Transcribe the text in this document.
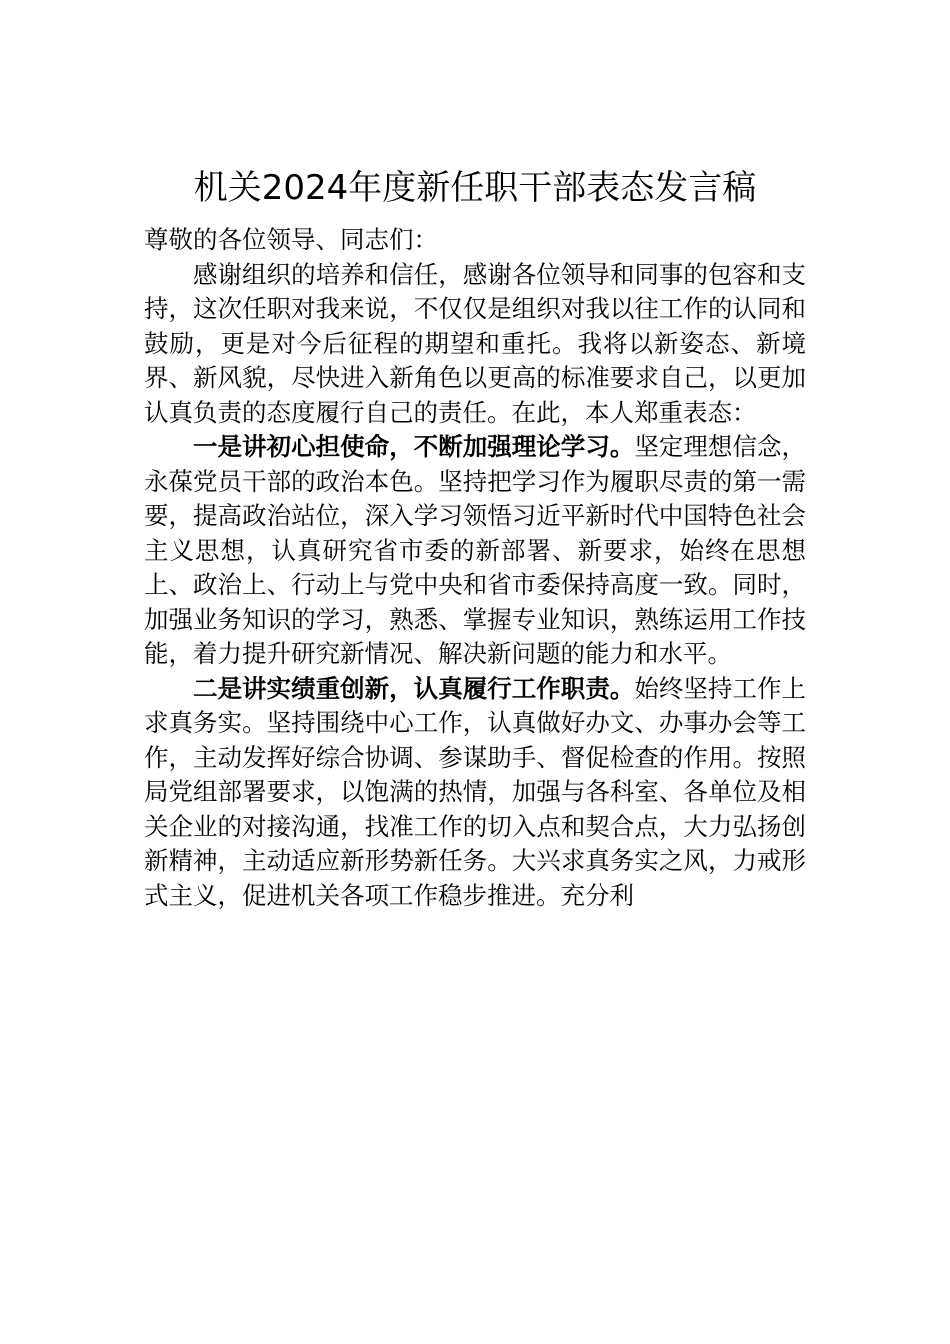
机关2024年度新任职干部表态发言稿

尊敬的各位领导、同志们：

感谢组织的培养和信任，感谢各位领导和同事的包容和支持，这次任职对我来说，不仅仅是组织对我以往工作的认同和鼓励，更是对今后征程的期望和重托。我将以新姿态、新境界、新风貌，尽快进入新角色以更高的标准要求自己，以更加认真负责的态度履行自己的责任。在此，本人郑重表态：

一是讲初心担使命，不断加强理论学习。坚定理想信念，永葆党员干部的政治本色。坚持把学习作为履职尽责的第一需要，提高政治站位，深入学习领悟习近平新时代中国特色社会主义思想，认真研究省市委的新部署、新要求，始终在思想上、政治上、行动上与党中央和省市委保持高度一致。同时，加强业务知识的学习，熟悉、掌握专业知识，熟练运用工作技能，着力提升研究新情况、解决新问题的能力和水平。

二是讲实绩重创新，认真履行工作职责。始终坚持工作上求真务实。坚持围绕中心工作，认真做好办文、办事办会等工作，主动发挥好综合协调、参谋助手、督促检查的作用。按照局党组部署要求，以饱满的热情，加强与各科室、各单位及相关企业的对接沟通，找准工作的切入点和契合点，大力弘扬创新精神，主动适应新形势新任务。大兴求真务实之风，力戒形式主义，促进机关各项工作稳步推进。充分利
